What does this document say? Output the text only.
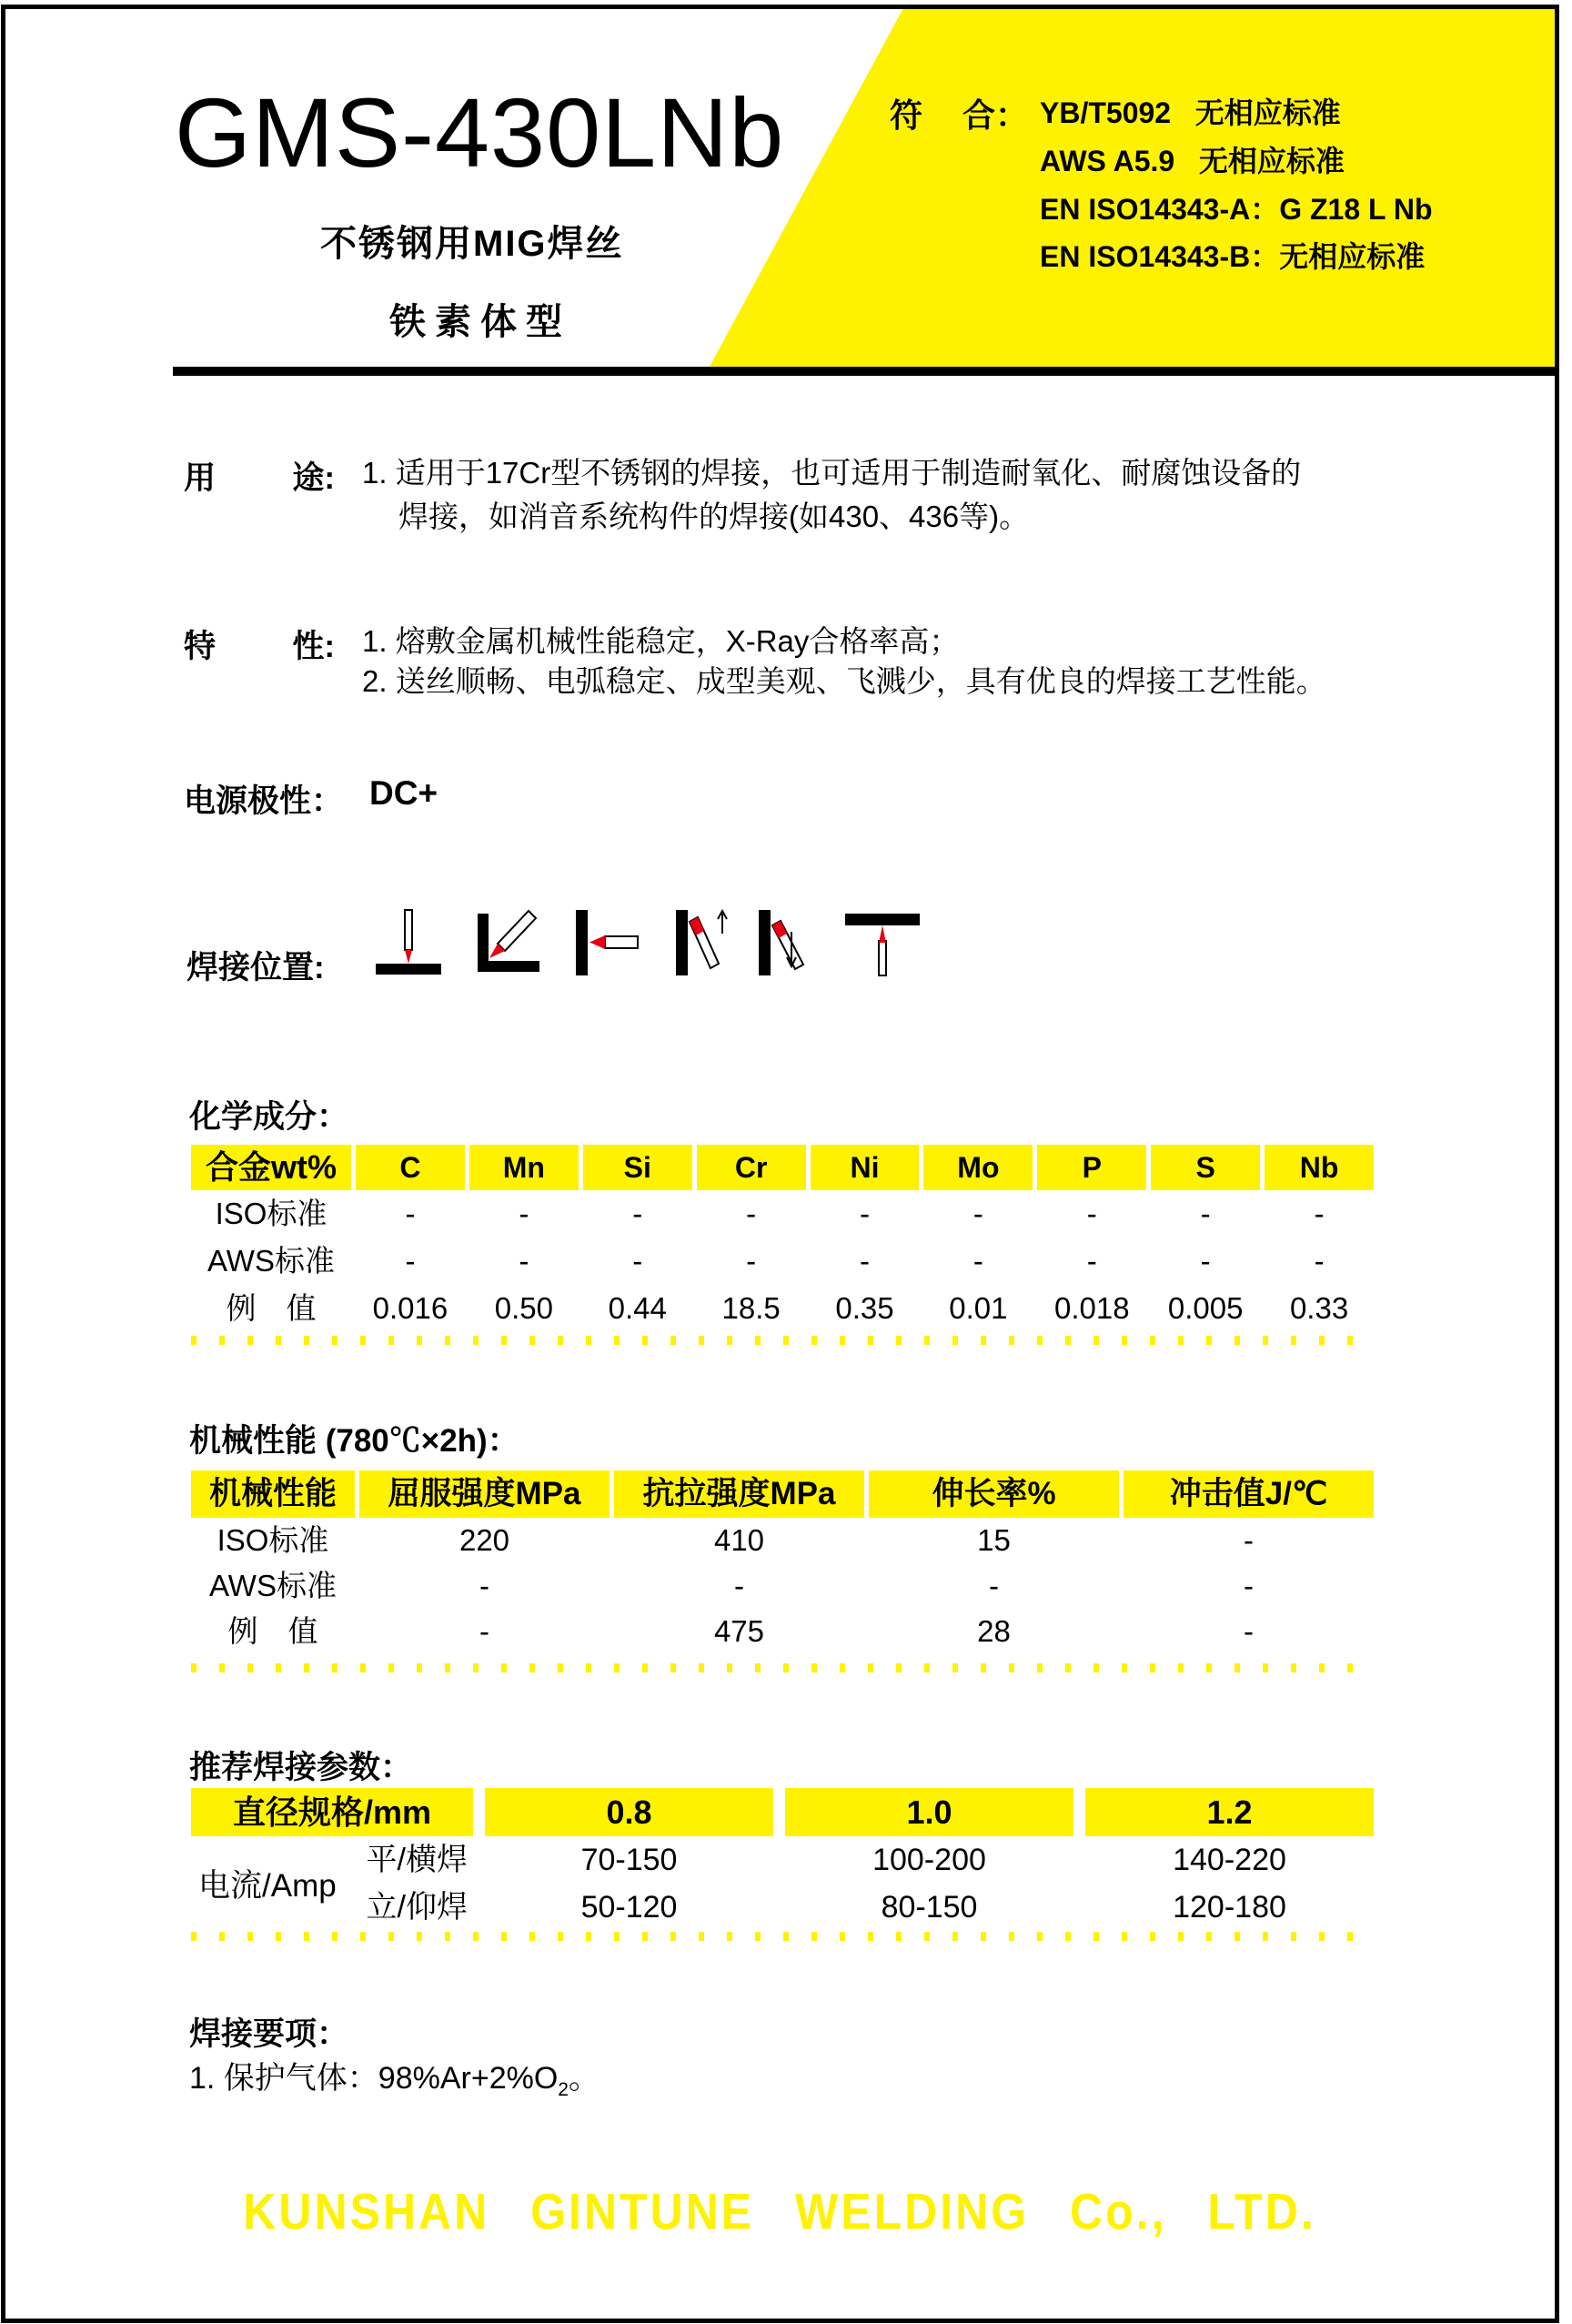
GMS-430LNb
不锈钢用MIG焊丝
铁素体型
符 合： YB/T5092   无相应标准
AWS A5.9   无相应标准
EN ISO14343-A：G Z18 L Nb
EN ISO14343-B：无相应标准
用 途: 1. 适用于17Cr型不锈钢的焊接，也可适用于制造耐氧化、耐腐蚀设备的
焊接，如消音系统构件的焊接(如430、436等)。
特 性: 1. 熔敷金属机械性能稳定，X-Ray合格率高；
2. 送丝顺畅、电弧稳定、成型美观、飞溅少，具有优良的焊接工艺性能。
电源极性： DC+
焊接位置:
化学成分：
合金wt%	C	Mn	Si	Cr	Ni	Mo	P	S	Nb
ISO标准	-	-	-	-	-	-	-	-	-
AWS标准	-	-	-	-	-	-	-	-	-
例　值	0.016	0.50	0.44	18.5	0.35	0.01	0.018	0.005	0.33
机械性能 (780℃×2h)：
机械性能	屈服强度MPa	抗拉强度MPa	伸长率%	冲击值J/℃
ISO标准	220	410	15	-
AWS标准	-	-	-	-
例　值	-	475	28	-
推荐焊接参数：
直径规格/mm	0.8	1.0	1.2
电流/Amp
平/横焊	70-150	100-200	140-220
立/仰焊	50-120	80-150	120-180
焊接要项：
1. 保护气体：$98\%Ar+2\%O_2$。
KUNSHAN GINTUNE WELDING Co., LTD.
